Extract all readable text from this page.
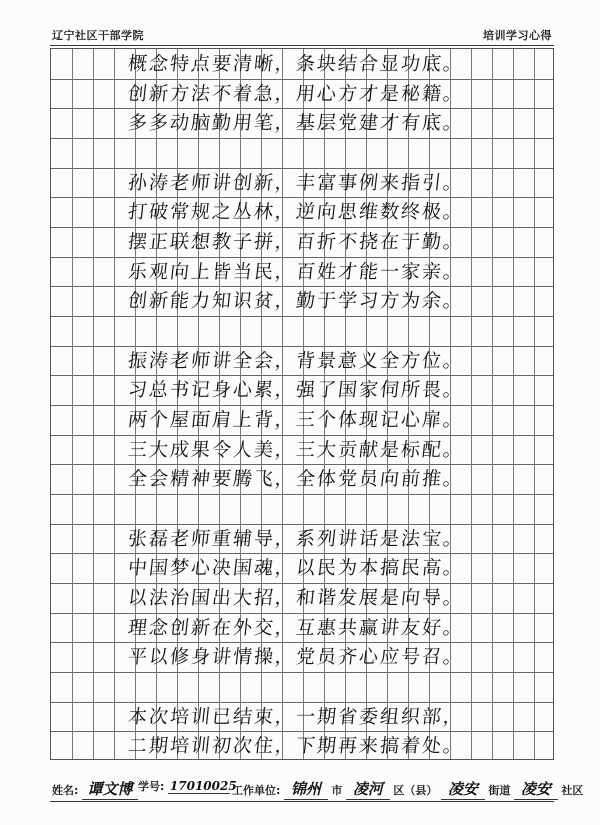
辽宁社区干部学院	培训学习心得
概念特点要清晰，条块结合显功底。
创新方法不着急，用心方才是秘籍。
多多动脑勤用笔，基层党建才有底。
孙涛老师讲创新，丰富事例来指引。
打破常规之丛林，逆向思维数终极。
摆正联想教子拼，百折不挠在于勤。
乐观向上皆当民，百姓才能一家亲。
创新能力知识贫，勤于学习方为余。
振涛老师讲全会，背景意义全方位。
习总书记身心累，强了国家伺所畏。
两个屋面肩上背，三个体现记心扉。
三大成果令人美，三大贡献是标配。
全会精神要腾飞，全体党员向前推。
张磊老师重辅导，系列讲话是法宝。
中国梦心决国魂，以民为本搞民高。
以法治国出大招，和谐发展是向导。
理念创新在外交，互惠共赢讲友好。
平以修身讲情操，党员齐心应号召。
本次培训已结束，一期省委组织部，
二期培训初次住，下期再来搞着处。
姓名: 谭文博 学号: 17010025
工作单位: 锦州 市 凌河 区（县） 凌安 街道 凌安 社区
